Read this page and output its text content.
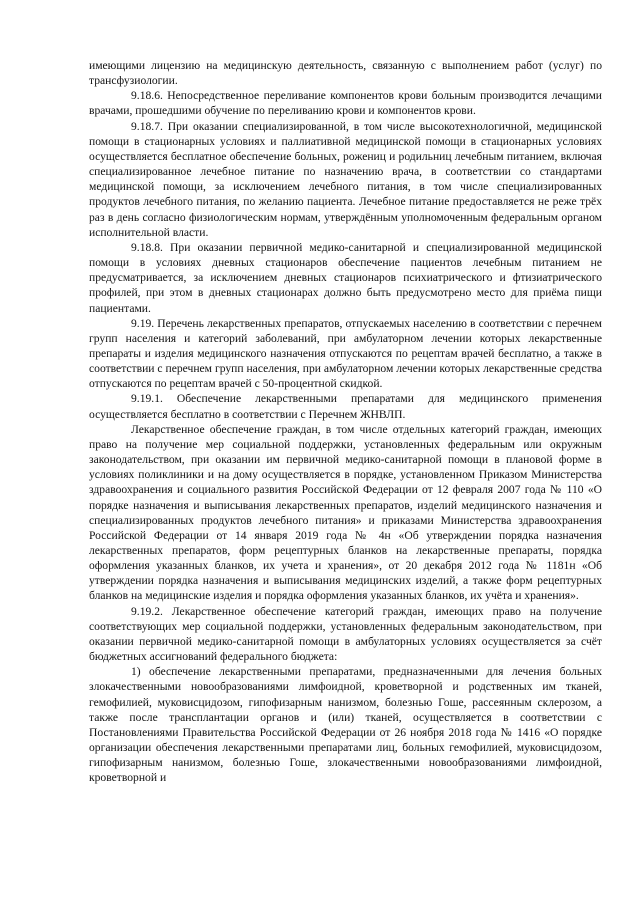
имеющими лицензию на медицинскую деятельность, связанную с выполнением работ (услуг) по трансфузиологии.

9.18.6. Непосредственное переливание компонентов крови больным производится лечащими врачами, прошедшими обучение по переливанию крови и компонентов крови.

9.18.7. При оказании специализированной, в том числе высокотехнологичной, медицинской помощи в стационарных условиях и паллиативной медицинской помощи в стационарных условиях осуществляется бесплатное обеспечение больных, рожениц и родильниц лечебным питанием, включая специализированное лечебное питание по назначению врача, в соответствии со стандартами медицинской помощи, за исключением лечебного питания, в том числе специализированных продуктов лечебного питания, по желанию пациента. Лечебное питание предоставляется не реже трёх раз в день согласно физиологическим нормам, утверждённым уполномоченным федеральным органом исполнительной власти.

9.18.8. При оказании первичной медико-санитарной и специализированной медицинской помощи в условиях дневных стационаров обеспечение пациентов лечебным питанием не предусматривается, за исключением дневных стационаров психиатрического и фтизиатрического профилей, при этом в дневных стационарах должно быть предусмотрено место для приёма пищи пациентами.

9.19. Перечень лекарственных препаратов, отпускаемых населению в соответствии с перечнем групп населения и категорий заболеваний, при амбулаторном лечении которых лекарственные препараты и изделия медицинского назначения отпускаются по рецептам врачей бесплатно, а также в соответствии с перечнем групп населения, при амбулаторном лечении которых лекарственные средства отпускаются по рецептам врачей с 50-процентной скидкой.

9.19.1. Обеспечение лекарственными препаратами для медицинского применения осуществляется бесплатно в соответствии с Перечнем ЖНВЛП.

Лекарственное обеспечение граждан, в том числе отдельных категорий граждан, имеющих право на получение мер социальной поддержки, установленных федеральным или окружным законодательством, при оказании им первичной медико-санитарной помощи в плановой форме в условиях поликлиники и на дому осуществляется в порядке, установленном Приказом Министерства здравоохранения и социального развития Российской Федерации от 12 февраля 2007 года № 110 «О порядке назначения и выписывания лекарственных препаратов, изделий медицинского назначения и специализированных продуктов лечебного питания» и приказами Министерства здравоохранения Российской Федерации от 14 января 2019 года № 4н «Об утверждении порядка назначения лекарственных препаратов, форм рецептурных бланков на лекарственные препараты, порядка оформления указанных бланков, их учета и хранения», от 20 декабря 2012 года № 1181н «Об утверждении порядка назначения и выписывания медицинских изделий, а также форм рецептурных бланков на медицинские изделия и порядка оформления указанных бланков, их учёта и хранения».

9.19.2. Лекарственное обеспечение категорий граждан, имеющих право на получение соответствующих мер социальной поддержки, установленных федеральным законодательством, при оказании первичной медико-санитарной помощи в амбулаторных условиях осуществляется за счёт бюджетных ассигнований федерального бюджета:

1) обеспечение лекарственными препаратами, предназначенными для лечения больных злокачественными новообразованиями лимфоидной, кроветворной и родственных им тканей, гемофилией, муковисцидозом, гипофизарным нанизмом, болезнью Гоше, рассеянным склерозом, а также после трансплантации органов и (или) тканей, осуществляется в соответствии с Постановлениями Правительства Российской Федерации от 26 ноября 2018 года № 1416 «О порядке организации обеспечения лекарственными препаратами лиц, больных гемофилией, муковисцидозом, гипофизарным нанизмом, болезнью Гоше, злокачественными новообразованиями лимфоидной, кроветворной и
